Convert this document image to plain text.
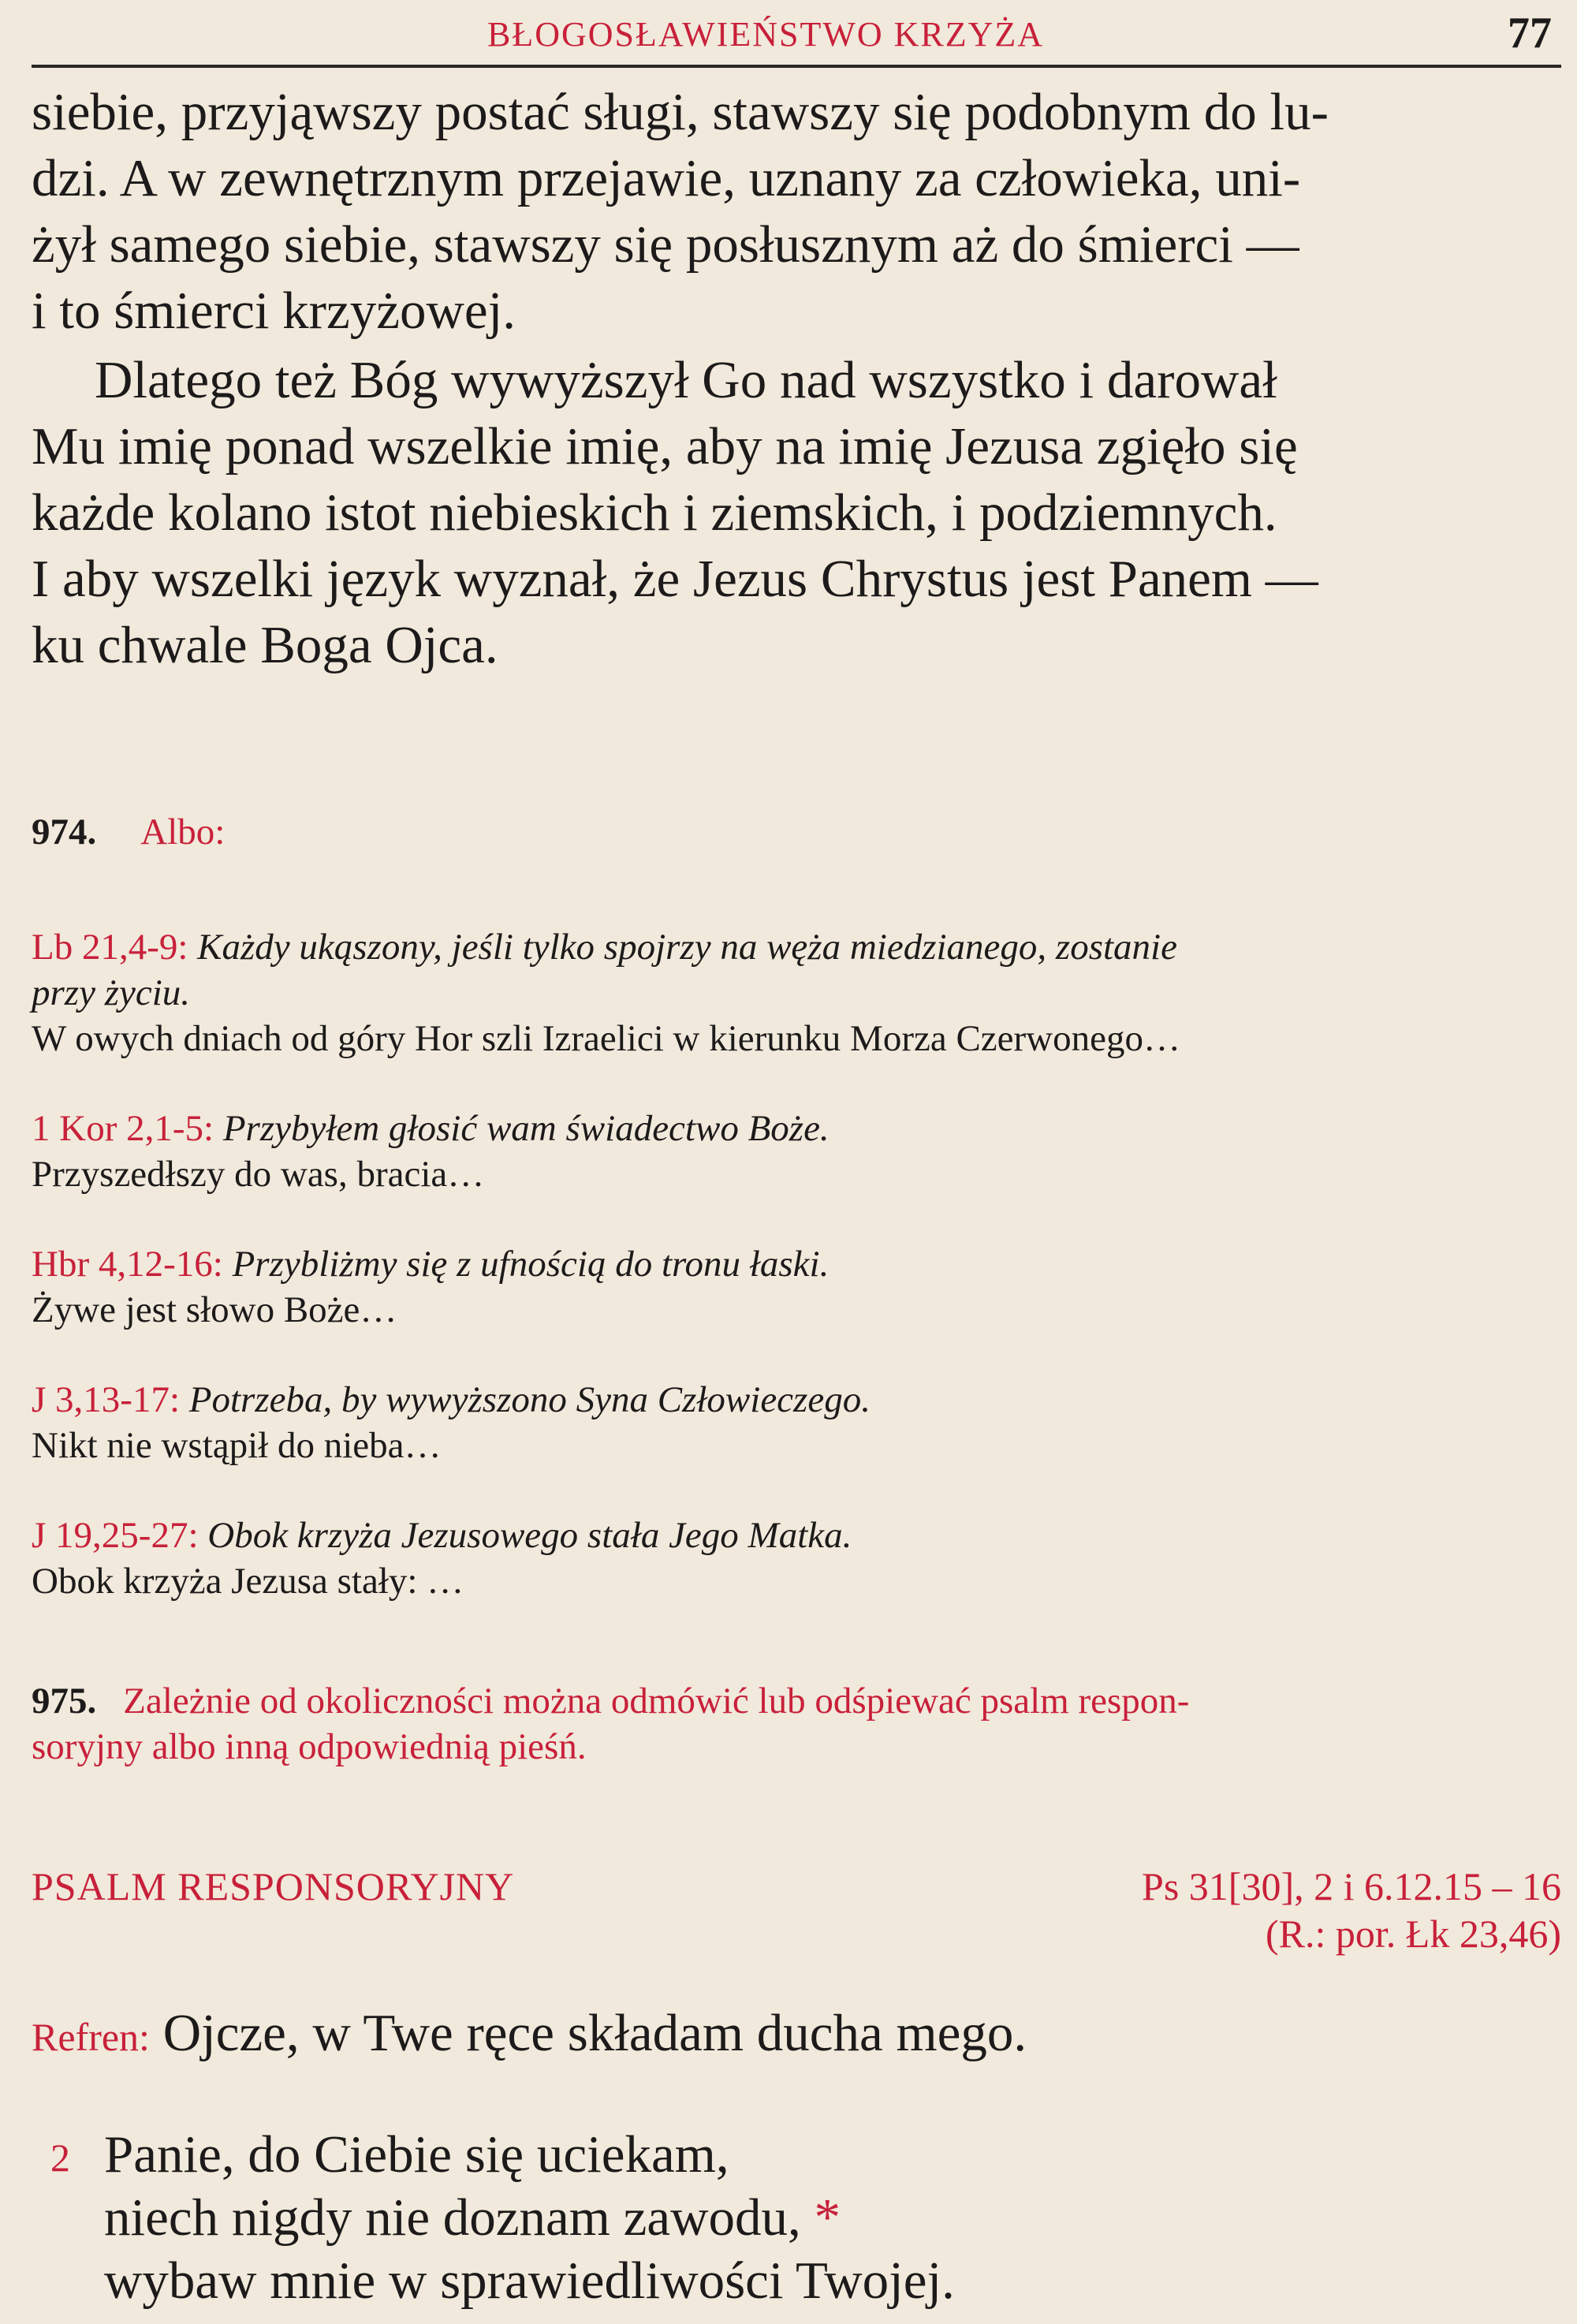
BŁOGOSŁAWIEŃSTWO KRZYŻA	77

siebie, przyjąwszy postać sługi, stawszy się podobnym do lu-

dzi. A w zewnętrznym przejawie, uznany za człowieka, uni-

żył samego siebie, stawszy się posłusznym aż do śmierci —

i to śmierci krzyżowej.

Dlatego też Bóg wywyższył Go nad wszystko i darował

Mu imię ponad wszelkie imię, aby na imię Jezusa zgięło się

każde kolano istot niebieskich i ziemskich, i podziemnych.

I aby wszelki język wyznał, że Jezus Chrystus jest Panem —

ku chwale Boga Ojca.

974. Albo:

Lb 21,4-9: Każdy ukąszony, jeśli tylko spojrzy na węża miedzianego, zostanie

przy życiu.

W owych dniach od góry Hor szli Izraelici w kierunku Morza Czerwonego…

1 Kor 2,1-5: Przybyłem głosić wam świadectwo Boże.

Przyszedłszy do was, bracia…

Hbr 4,12-16: Przybliżmy się z ufnością do tronu łaski.

Żywe jest słowo Boże…

J 3,13-17: Potrzeba, by wywyższono Syna Człowieczego.

Nikt nie wstąpił do nieba…

J 19,25-27: Obok krzyża Jezusowego stała Jego Matka.

Obok krzyża Jezusa stały: …

975. Zależnie od okoliczności można odmówić lub odśpiewać psalm respon-

soryjny albo inną odpowiednią pieśń.

PSALM RESPONSORYJNY	Ps 31[30], 2 i 6.12.15 – 16
(R.: por. Łk 23,46)
Refren: Ojcze, w Twe ręce składam ducha mego.
2 Panie, do Ciebie się uciekam,

niech nigdy nie doznam zawodu, *

wybaw mnie w sprawiedliwości Twojej.
